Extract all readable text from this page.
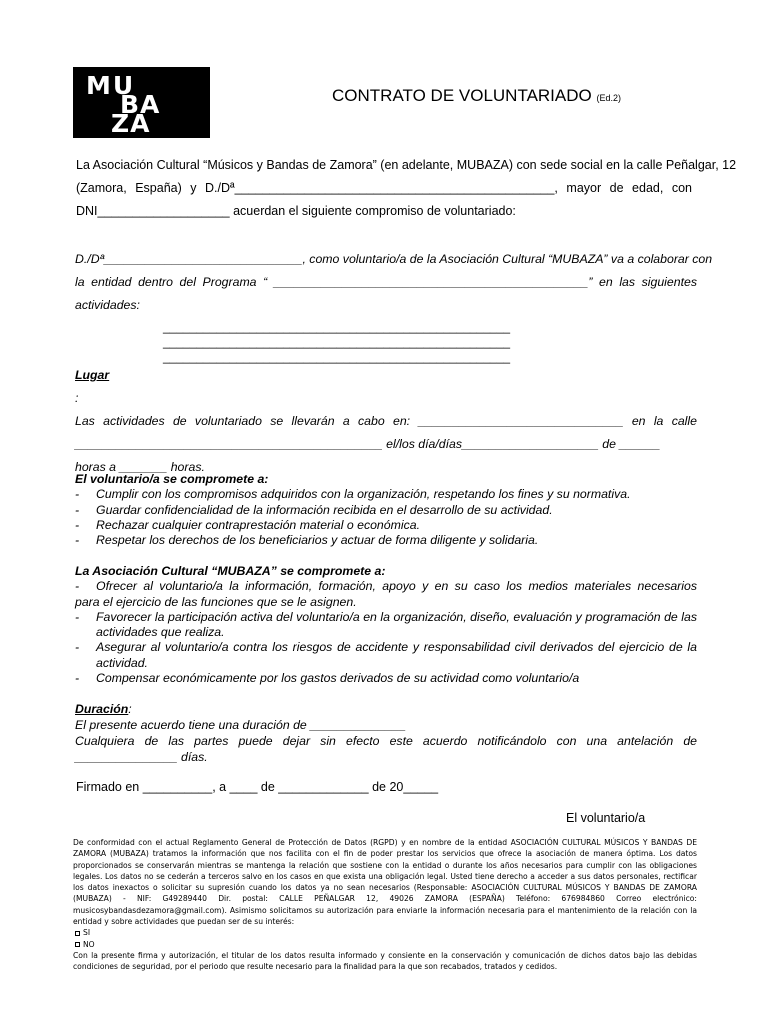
MU
BA
ZA
CONTRATO DE VOLUNTARIADO (Ed.2)
La Asociación Cultural “Músicos y Bandas de Zamora” (en adelante, MUBAZA) con sede social en la calle Peñalgar, 12
(Zamora, España) y D./Dª______________________________________________, mayor de edad, con
DNI___________________ acuerdan el siguiente compromiso de voluntariado:
D./Dª_____________________________, como voluntario/a de la Asociación Cultural “MUBAZA” va a colaborar con
la entidad dentro del Programa “ ______________________________________________” en las siguientes
actividades:
____________________________________________________
____________________________________________________
____________________________________________________
Lugar
:
Las actividades de voluntariado se llevarán a cabo en: ______________________________ en la calle
_____________________________________________ el/los día/días____________________ de ______
horas a _______ horas.
El voluntario/a se compromete a:
-	Cumplir con los compromisos adquiridos con la organización, respetando los fines y su normativa.
-	Guardar confidencialidad de la información recibida en el desarrollo de su actividad.
-	Rechazar cualquier contraprestación material o económica.
-	Respetar los derechos de los beneficiarios y actuar de forma diligente y solidaria.
La Asociación Cultural “MUBAZA” se compromete a:
-	Ofrecer al voluntario/a la información, formación, apoyo y en su caso los medios materiales necesarios
para el ejercicio de las funciones que se le asignen.
-	Favorecer la participación activa del voluntario/a en la organización, diseño, evaluación y programación de las actividades que realiza.
-	Asegurar al voluntario/a contra los riesgos de accidente y responsabilidad civil derivados del ejercicio de la actividad.
-	Compensar económicamente por los gastos derivados de su actividad como voluntario/a
Duración:
El presente acuerdo tiene una duración de ______________
Cualquiera de las partes puede dejar sin efecto este acuerdo notificándolo con una antelación de
_______________ días.
Firmado en __________, a ____ de _____________ de 20_____
El voluntario/a
De conformidad con el actual Reglamento General de Protección de Datos (RGPD) y en nombre de la entidad ASOCIACIÓN CULTURAL MÚSICOS Y BANDAS DE ZAMORA (MUBAZA) tratamos la información que nos facilita con el fin de poder prestar los servicios que ofrece la asociación de manera óptima. Los datos proporcionados se conservarán mientras se mantenga la relación que sostiene con la entidad o durante los años necesarios para cumplir con las obligaciones legales. Los datos no se cederán a terceros salvo en los casos en que exista una obligación legal. Usted tiene derecho a acceder a sus datos personales, rectificar los datos inexactos o solicitar su supresión cuando los datos ya no sean necesarios (Responsable: ASOCIACIÓN CULTURAL MÚSICOS Y BANDAS DE ZAMORA (MUBAZA) - NIF: G49289440 Dir. postal: CALLE PEÑALGAR 12, 49026 ZAMORA (ESPAÑA) Teléfono: 676984860 Correo electrónico: musicosybandasdezamora@gmail.com). Asimismo solicitamos su autorización para enviarle la información necesaria para el mantenimiento de la relación con la entidad y sobre actividades que puedan ser de su interés:
SI
NO
Con la presente firma y autorización, el titular de los datos resulta informado y consiente en la conservación y comunicación de dichos datos bajo las debidas condiciones de seguridad, por el periodo que resulte necesario para la finalidad para la que son recabados, tratados y cedidos.
